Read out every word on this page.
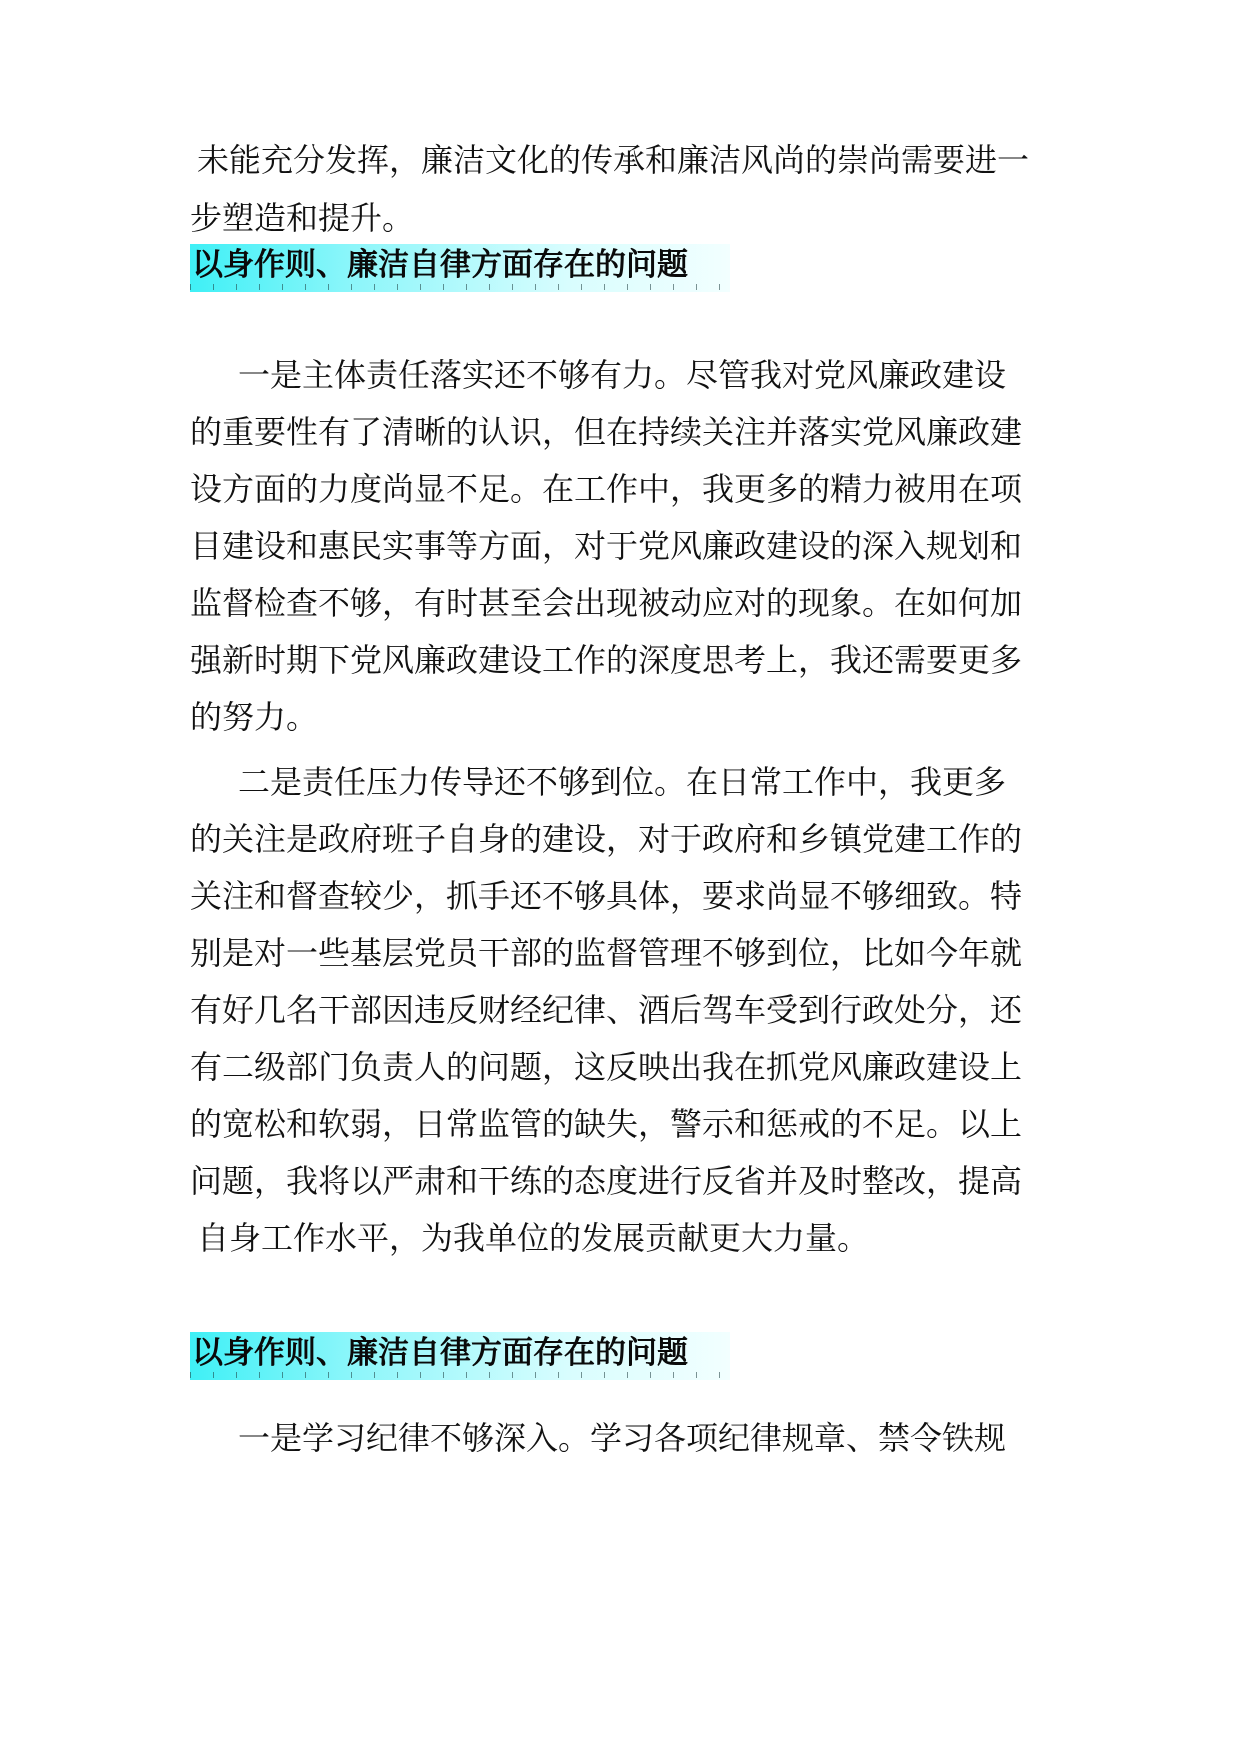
未能充分发挥，廉洁文化的传承和廉洁风尚的崇尚需要进一
步塑造和提升。
以身作则、廉洁自律方面存在的问题
一是主体责任落实还不够有力。尽管我对党风廉政建设
的重要性有了清晰的认识，但在持续关注并落实党风廉政建
设方面的力度尚显不足。在工作中，我更多的精力被用在项
目建设和惠民实事等方面，对于党风廉政建设的深入规划和
监督检查不够，有时甚至会出现被动应对的现象。在如何加
强新时期下党风廉政建设工作的深度思考上，我还需要更多
的努力。
二是责任压力传导还不够到位。在日常工作中，我更多
的关注是政府班子自身的建设，对于政府和乡镇党建工作的
关注和督查较少，抓手还不够具体，要求尚显不够细致。特
别是对一些基层党员干部的监督管理不够到位，比如今年就
有好几名干部因违反财经纪律、酒后驾车受到行政处分，还
有二级部门负责人的问题，这反映出我在抓党风廉政建设上
的宽松和软弱，日常监管的缺失，警示和惩戒的不足。以上
问题，我将以严肃和干练的态度进行反省并及时整改，提高
自身工作水平，为我单位的发展贡献更大力量。
以身作则、廉洁自律方面存在的问题
一是学习纪律不够深入。学习各项纪律规章、禁令铁规
